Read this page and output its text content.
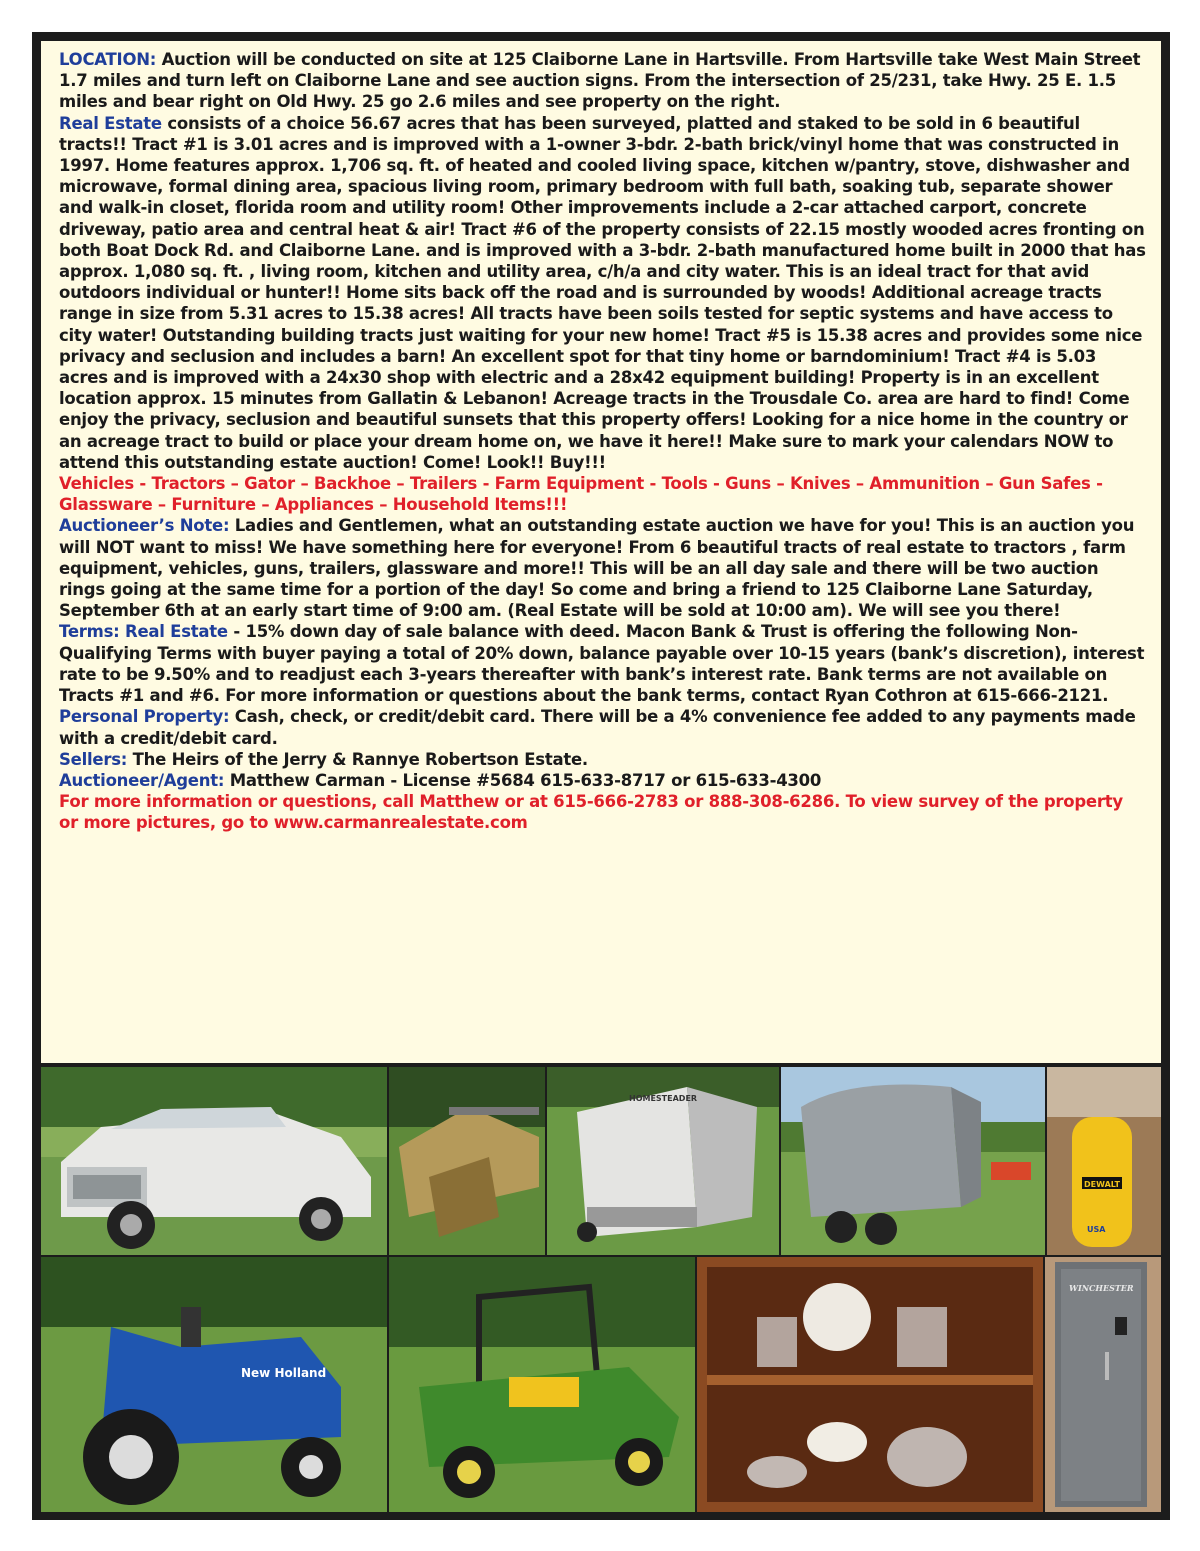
LOCATION: Auction will be conducted on site at 125 Claiborne Lane in Hartsville. From Hartsville take West Main Street 1.7 miles and turn left on Claiborne Lane and see auction signs. From the intersection of 25/231, take Hwy. 25 E. 1.5 miles and bear right on Old Hwy. 25 go 2.6 miles and see property on the right.

Real Estate consists of a choice 56.67 acres that has been surveyed, platted and staked to be sold in 6 beautiful tracts!! Tract #1 is 3.01 acres and is improved with a 1-owner 3-bdr. 2-bath brick/vinyl home that was constructed in 1997. Home features approx. 1,706 sq. ft. of heated and cooled living space, kitchen w/pantry, stove, dishwasher and microwave, formal dining area, spacious living room, primary bedroom with full bath, soaking tub, separate shower and walk-in closet, florida room and utility room! Other improvements include a 2-car attached carport, concrete driveway, patio area and central heat & air! Tract #6 of the property consists of 22.15 mostly wooded acres fronting on both Boat Dock Rd. and Claiborne Lane. and is improved with a 3-bdr. 2-bath manufactured home built in 2000 that has approx. 1,080 sq. ft. , living room, kitchen and utility area, c/h/a and city water. This is an ideal tract for that avid outdoors individual or hunter!! Home sits back off the road and is surrounded by woods! Additional acreage tracts range in size from 5.31 acres to 15.38 acres! All tracts have been soils tested for septic systems and have access to city water! Outstanding building tracts just waiting for your new home! Tract #5 is 15.38 acres and provides some nice privacy and seclusion and includes a barn! An excellent spot for that tiny home or barndominium! Tract #4 is 5.03 acres and is improved with a 24x30 shop with electric and a 28x42 equipment building! Property is in an excellent location approx. 15 minutes from Gallatin & Lebanon! Acreage tracts in the Trousdale Co. area are hard to find! Come enjoy the privacy, seclusion and beautiful sunsets that this property offers! Looking for a nice home in the country or an acreage tract to build or place your dream home on, we have it here!! Make sure to mark your calendars NOW to attend this outstanding estate auction! Come! Look!! Buy!!!

Vehicles - Tractors – Gator – Backhoe – Trailers - Farm Equipment - Tools - Guns – Knives – Ammunition – Gun Safes - Glassware – Furniture – Appliances – Household Items!!!

Auctioneer’s Note: Ladies and Gentlemen, what an outstanding estate auction we have for you! This is an auction you will NOT want to miss! We have something here for everyone! From 6 beautiful tracts of real estate to tractors , farm equipment, vehicles, guns, trailers, glassware and more!! This will be an all day sale and there will be two auction rings going at the same time for a portion of the day! So come and bring a friend to 125 Claiborne Lane Saturday, September 6th at an early start time of 9:00 am. (Real Estate will be sold at 10:00 am). We will see you there!

Terms: Real Estate - 15% down day of sale balance with deed. Macon Bank & Trust is offering the following Non-Qualifying Terms with buyer paying a total of 20% down, balance payable over 10-15 years (bank’s discretion), interest rate to be 9.50% and to readjust each 3-years thereafter with bank’s interest rate. Bank terms are not available on Tracts #1 and #6. For more information or questions about the bank terms, contact Ryan Cothron at 615-666-2121. Personal Property: Cash, check, or credit/debit card. There will be a 4% convenience fee added to any payments made with a credit/debit card.

Sellers: The Heirs of the Jerry & Rannye Robertson Estate.

Auctioneer/Agent: Matthew Carman - License #5684 615-633-8717 or 615-633-4300

For more information or questions, call Matthew or at 615-666-2783 or 888-308-6286. To view survey of the property or more pictures, go to www.carmanrealestate.com

HOMESTEADER
DEWALT
USA
New Holland
WINCHESTER
